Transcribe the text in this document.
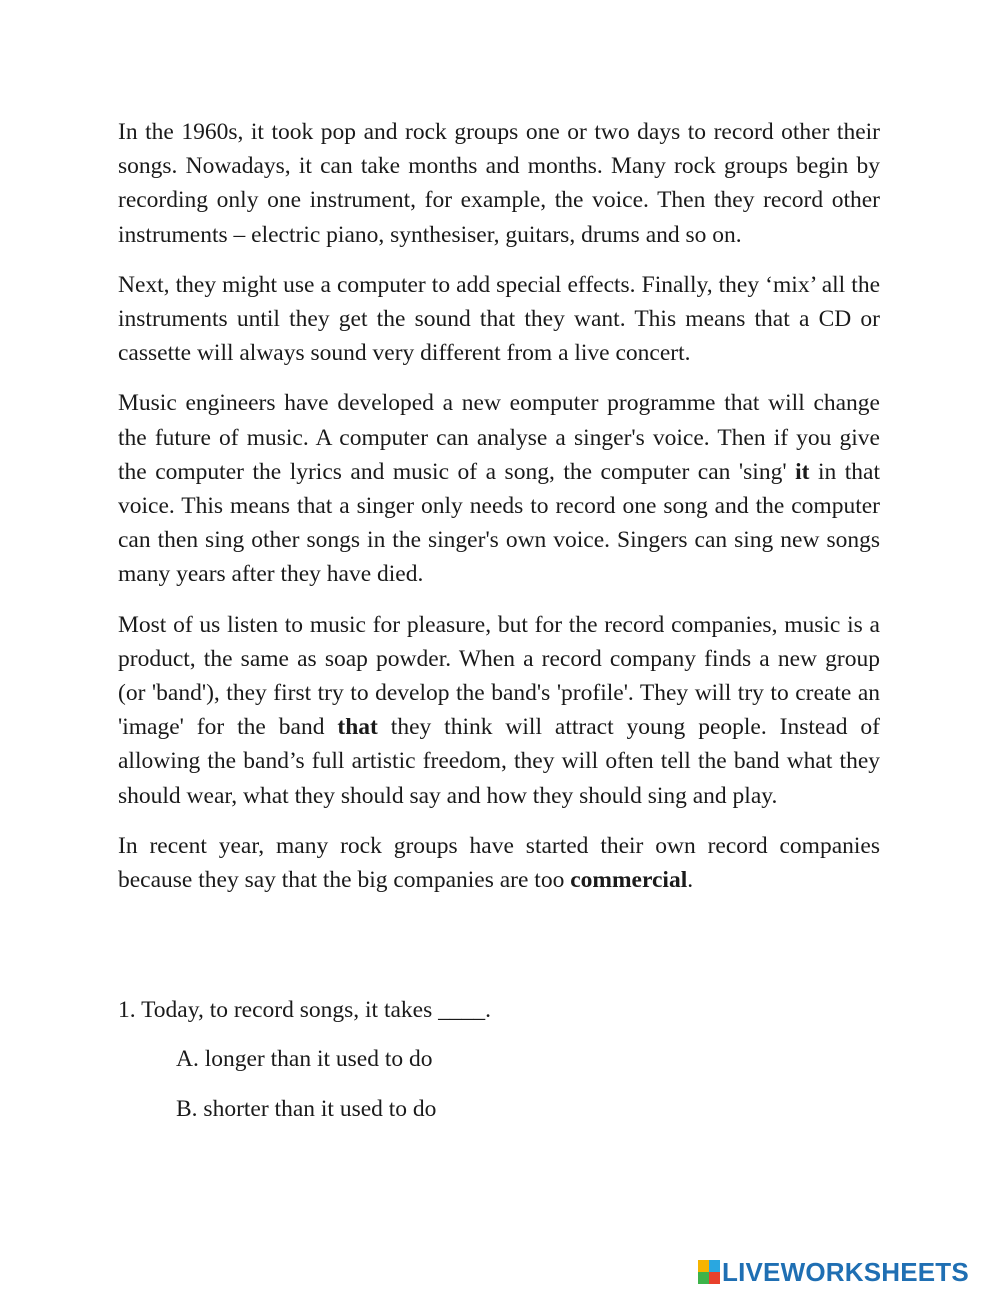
In the 1960s, it took pop and rock groups one or two days to record other their songs. Nowadays, it can take months and months. Many rock groups begin by recording only one instrument, for example, the voice. Then they record other instruments – electric piano, synthesiser, guitars, drums and so on.

Next, they might use a computer to add special effects. Finally, they ‘mix’ all the instruments until they get the sound that they want. This means that a CD or cassette will always sound very different from a live concert.

Music engineers have developed a new eomputer programme that will change the future of music. A computer can analyse a singer's voice. Then if you give the computer the lyrics and music of a song, the computer can 'sing' it in that voice. This means that a singer only needs to record one song and the computer can then sing other songs in the singer's own voice. Singers can sing new songs many years after they have died.

Most of us listen to music for pleasure, but for the record companies, music is a product, the same as soap powder. When a record company finds a new group (or 'band'), they first try to develop the band's 'profile'. They will try to create an 'image' for the band that they think will attract young people. Instead of allowing the band’s full artistic freedom, they will often tell the band what they should wear, what they should say and how they should sing and play.

In recent year, many rock groups have started their own record companies because they say that the big companies are too commercial.

1. Today, to record songs, it takes ____.

A. longer than it used to do

B. shorter than it used to do

LIVEWORKSHEETS
